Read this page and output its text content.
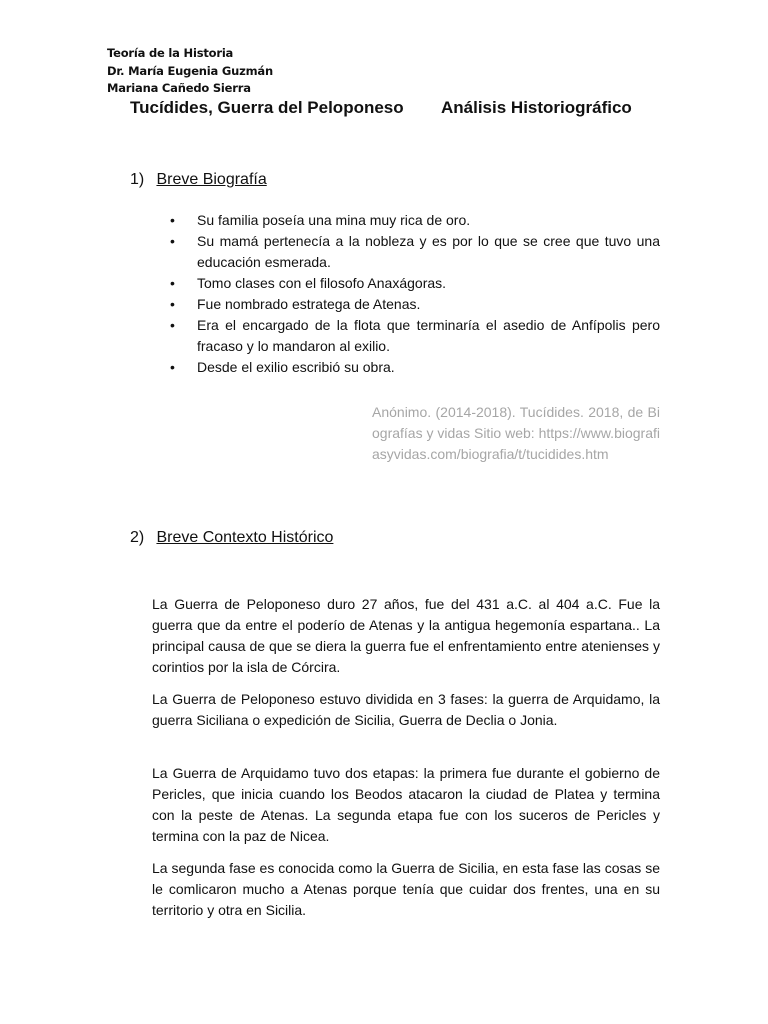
Teoría de la Historia
Dr. María Eugenia Guzmán
Mariana Cañedo Sierra
Tucídides, Guerra del Peloponeso Análisis Historiográfico
1) Breve Biografía
• Su familia poseía una mina muy rica de oro.
• Su mamá pertenecía a la nobleza y es por lo que se cree que tuvo una educación esmerada.
• Tomo clases con el filosofo Anaxágoras.
• Fue nombrado estratega de Atenas.
• Era el encargado de la flota que terminaría el asedio de Anfípolis pero fracaso y lo mandaron al exilio.
• Desde el exilio escribió su obra.
Anónimo. (2014-2018). Tucídides. 2018, de Biografías y vidas Sitio web: https://www.biografiasyvidas.com/biografia/t/tucidides.htm
2) Breve Contexto Histórico

La Guerra de Peloponeso duro 27 años, fue del 431 a.C. al 404 a.C. Fue la guerra que da entre el poderío de Atenas y la antigua hegemonía espartana.. La principal causa de que se diera la guerra fue el enfrentamiento entre atenienses y corintios por la isla de Córcira.

La Guerra de Peloponeso estuvo dividida en 3 fases: la guerra de Arquidamo, la guerra Siciliana o expedición de Sicilia, Guerra de Declia o Jonia.

La Guerra de Arquidamo tuvo dos etapas: la primera fue durante el gobierno de Pericles, que inicia cuando los Beodos atacaron la ciudad de Platea y termina con la peste de Atenas. La segunda etapa fue con los suceros de Pericles y termina con la paz de Nicea.

La segunda fase es conocida como la Guerra de Sicilia, en esta fase las cosas se le comlicaron mucho a Atenas porque tenía que cuidar dos frentes, una en su territorio y otra en Sicilia.
